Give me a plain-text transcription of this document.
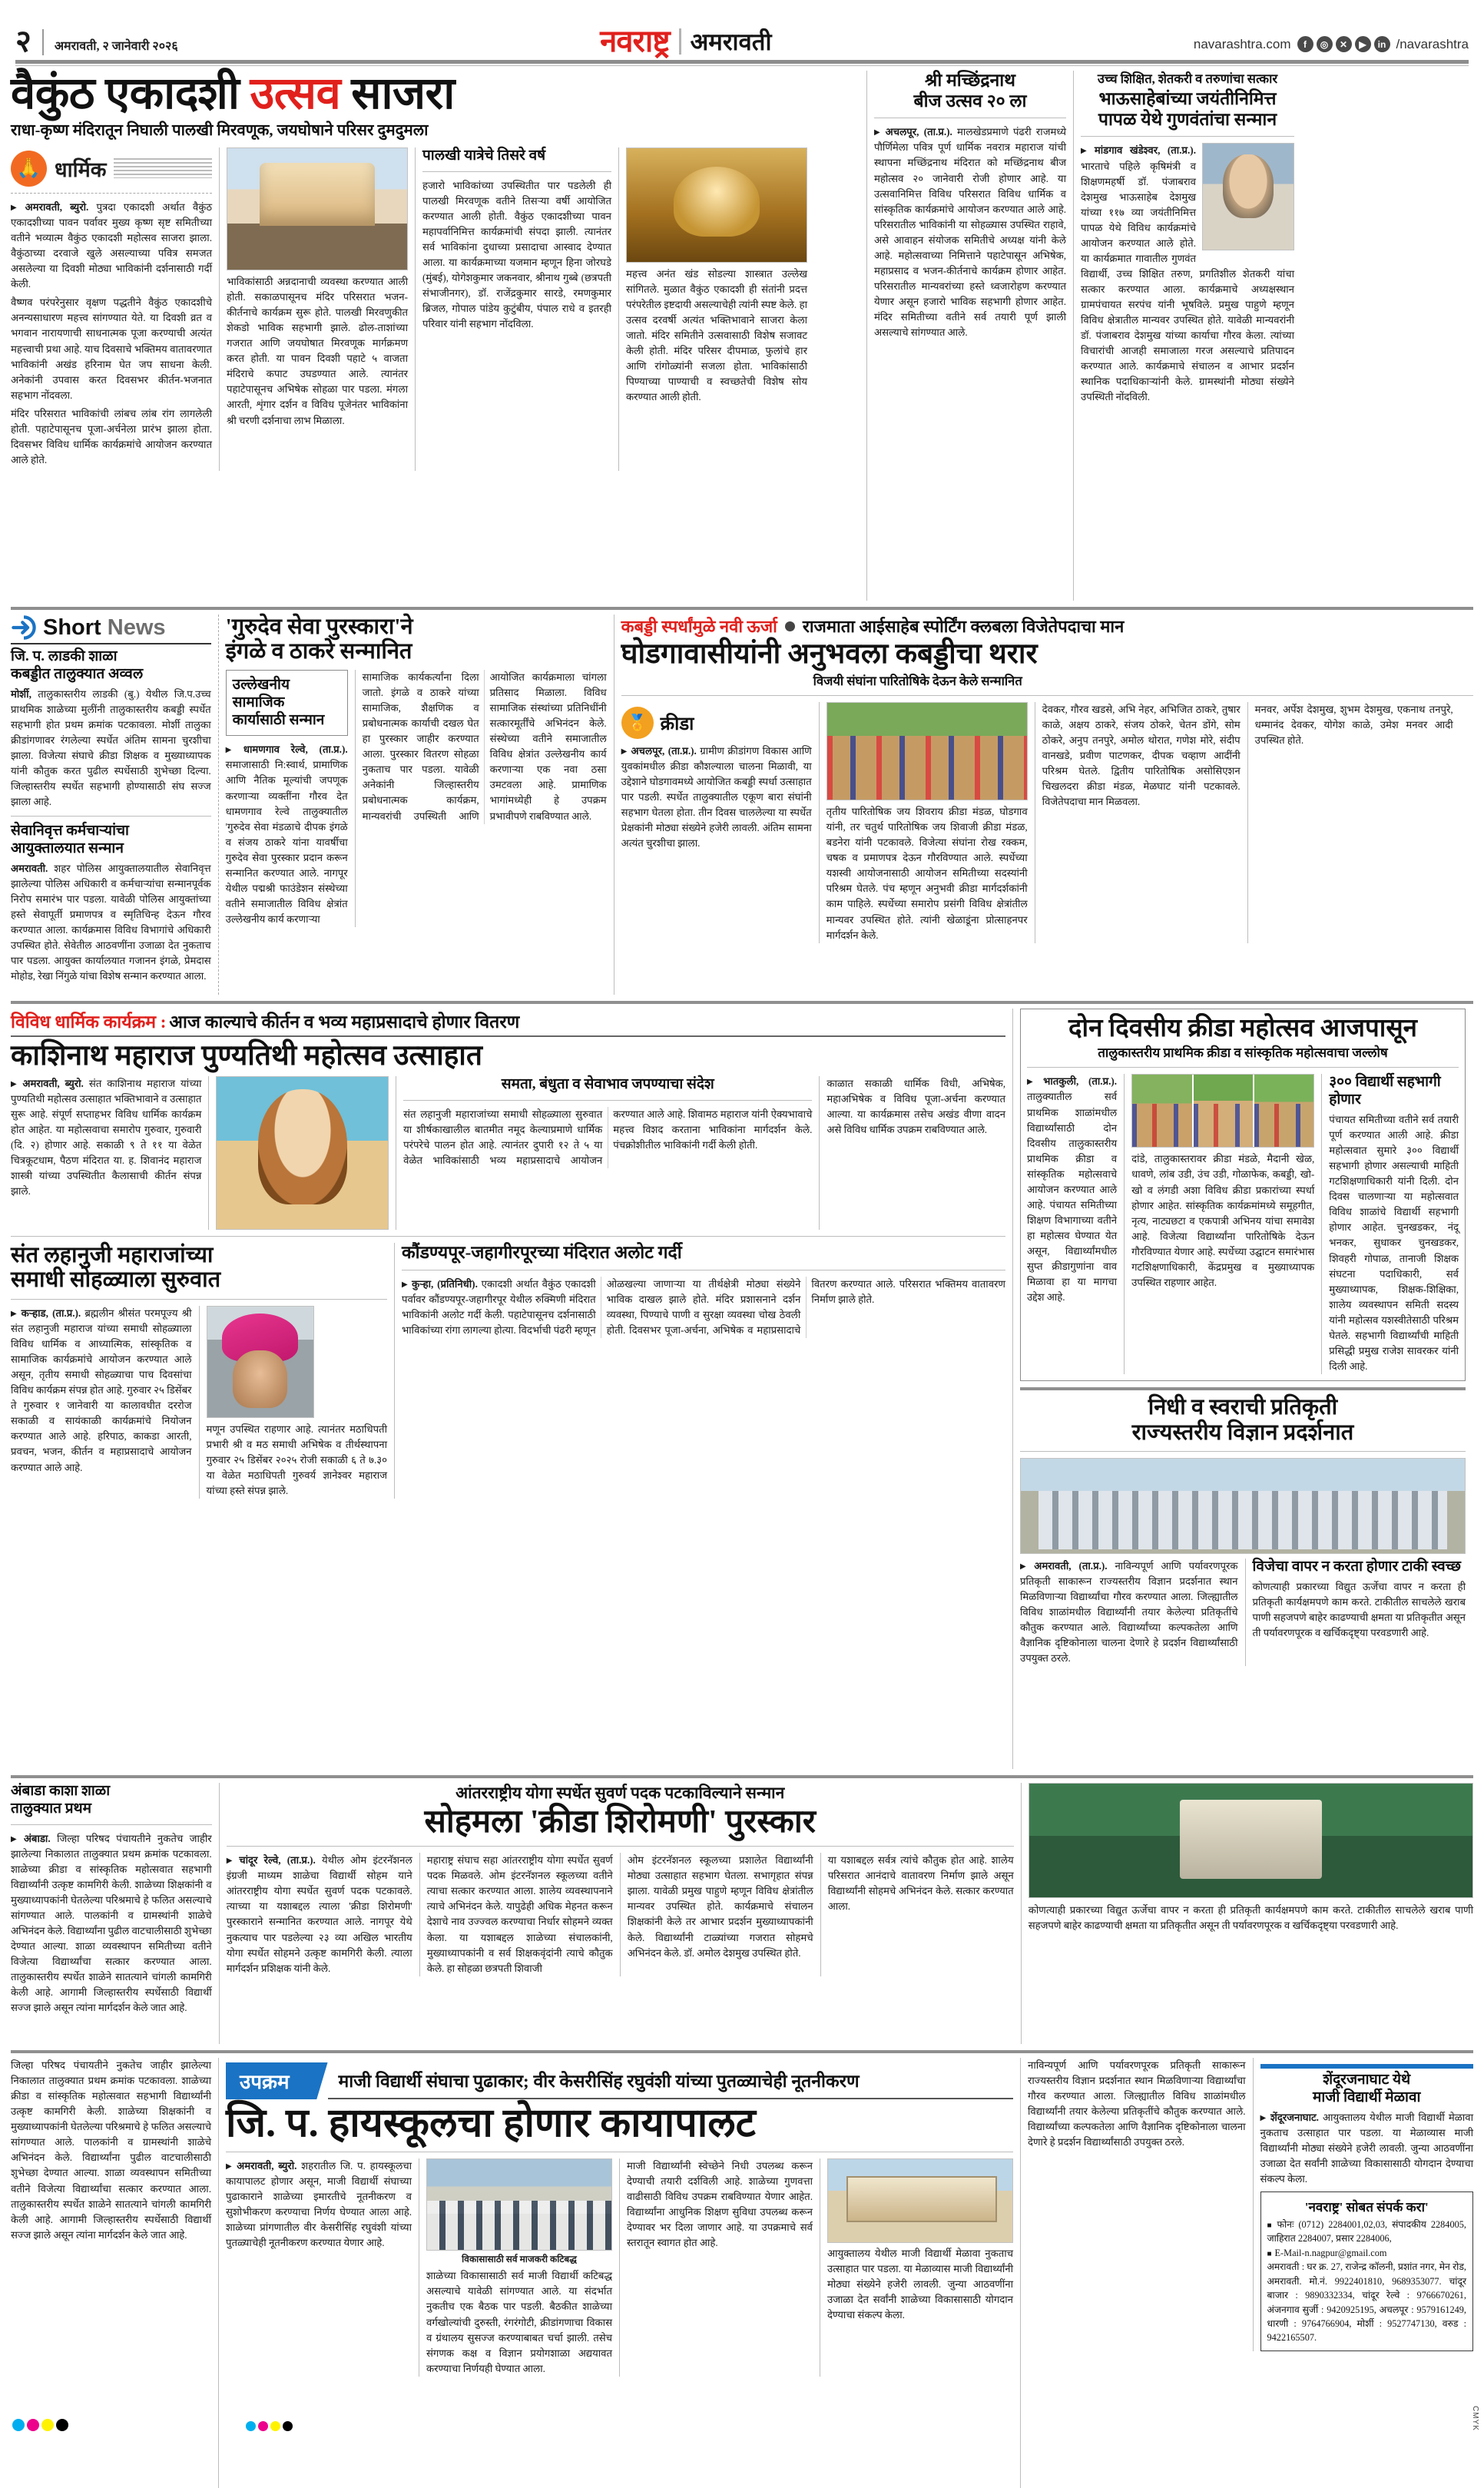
२ अमरावती, २ जानेवारी २०२६	नवराष्ट्र अमरावती	navarashtra.com	f	◎	✕	▶	in /navarashtra
वैकुंठ एकादशी उत्सव साजरा
राधा-कृष्ण मंदिरातून निघाली पालखी मिरवणूक, जयघोषाने परिसर दुमदुमला
🙏 धार्मिक

▶ अमरावती, ब्युरो. पुत्रदा एकादशी अर्थात वैकुंठ एकादशीच्या पावन पर्वावर मुख्य कृष्ण सृष्ट समितीच्या वतीने भव्यात्म वैकुंठ एकादशी महोत्सव साजरा झाला. वैकुंठाच्या दरवाजे खुले असल्याच्या पवित्र समजत असलेल्या या दिवशी मोठ्या भाविकांनी दर्शनासाठी गर्दी केली.

वैष्णव परंपरेनुसार वृक्षण पद्धतीने वैकुंठ एकादशीचे अनन्यसाधारण महत्त्व सांगण्यात येते. या दिवशी व्रत व भगवान नारायणाची साधनात्मक पूजा करण्याची अत्यंत महत्त्वाची प्रथा आहे. याच दिवसाचे भक्तिमय वातावरणात भाविकांनी अखंड हरिनाम घेत जप साधना केली. अनेकांनी उपवास करत दिवसभर कीर्तन-भजनात सहभाग नोंदवला.

मंदिर परिसरात भाविकांची लांबच लांब रांग लागलेली होती. पहाटेपासूनच पूजा-अर्चनेला प्रारंभ झाला होता. दिवसभर विविध धार्मिक कार्यक्रमांचे आयोजन करण्यात आले होते.

भाविकांसाठी अन्नदानाची व्यवस्था करण्यात आली होती. सकाळपासूनच मंदिर परिसरात भजन-कीर्तनाचे कार्यक्रम सुरू होते. पालखी मिरवणुकीत शेकडो भाविक सहभागी झाले. ढोल-ताशांच्या गजरात आणि जयघोषात मिरवणूक मार्गक्रमण करत होती. या पावन दिवशी पहाटे ५ वाजता मंदिराचे कपाट उघडण्यात आले. त्यानंतर पहाटेपासूनच अभिषेक सोहळा पार पडला. मंगला आरती, शृंगार दर्शन व विविध पूजेनंतर भाविकांना श्री चरणी दर्शनाचा लाभ मिळाला.
पालखी यात्रेचे तिसरे वर्ष
हजारो भाविकांच्या उपस्थितीत पार पडलेली ही पालखी मिरवणूक वतीने तिसऱ्या वर्षी आयोजित करण्यात आली होती. वैकुंठ एकादशीच्या पावन महापर्वानिमित्त कार्यक्रमांची संपदा झाली. त्यानंतर सर्व भाविकांना दुधाच्या प्रसादाचा आस्वाद देण्यात आला. या कार्यक्रमाच्या यजमान म्हणून हिना जोरघडे (मुंबई), योगेशकुमार जकनवार, श्रीनाथ गुब्बे (छत्रपती संभाजीनगर), डॉ. राजेंद्रकुमार सारडे, रमणकुमार ब्रिजल, गोपाल पांडेय कुटुंबीय, पंपाल राधे व इतरही परिवार यांनी सहभाग नोंदविला.
महत्त्व अनंत खंड सोडल्या शास्त्रात उल्लेख सांगितले. मुळात वैकुंठ एकादशी ही संतांनी प्रदत्त परंपरेतील इष्टदायी असल्याचेही त्यांनी स्पष्ट केले. हा उत्सव दरवर्षी अत्यंत भक्तिभावाने साजरा केला जातो. मंदिर समितीने उत्सवासाठी विशेष सजावट केली होती. मंदिर परिसर दीपमाळ, फुलांचे हार आणि रांगोळ्यांनी सजला होता. भाविकांसाठी पिण्याच्या पाण्याची व स्वच्छतेची विशेष सोय करण्यात आली होती.
श्री मच्छिंद्रनाथ
बीज उत्सव २० ला
▶ अचलपूर, (ता.प्र.). मालखेडप्रमाणे पंढरी राजमध्ये पौर्णिमेला पवित्र पूर्ण धार्मिक नवरात्र महाराज यांची स्थापना मच्छिंद्रनाथ मंदिरात को मच्छिंद्रनाथ बीज महोत्सव २० जानेवारी रोजी होणार आहे. या उत्सवानिमित्त विविध परिसरात विविध धार्मिक व सांस्कृतिक कार्यक्रमांचे आयोजन करण्यात आले आहे. परिसरातील भाविकांनी या सोहळ्यास उपस्थित राहावे, असे आवाहन संयोजक समितीचे अध्यक्ष यांनी केले आहे. महोत्सवाच्या निमित्ताने पहाटेपासून अभिषेक, महाप्रसाद व भजन-कीर्तनाचे कार्यक्रम होणार आहेत. परिसरातील मान्यवरांच्या हस्ते ध्वजारोहण करण्यात येणार असून हजारो भाविक सहभागी होणार आहेत. मंदिर समितीच्या वतीने सर्व तयारी पूर्ण झाली असल्याचे सांगण्यात आले.
उच्च शिक्षित, शेतकरी व तरुणांचा सत्कार
भाऊसाहेबांच्या जयंतीनिमित्त
पापळ येथे गुणवंतांचा सन्मान
▶ मांडगाव खंडेश्वर, (ता.प्र.). भारताचे पहिले कृषिमंत्री व शिक्षणमहर्षी डॉ. पंजाबराव देशमुख भाऊसाहेब देशमुख यांच्या ११७ व्या जयंतीनिमित्त पापळ येथे विविध कार्यक्रमांचे आयोजन करण्यात आले होते. या कार्यक्रमात गावातील गुणवंत विद्यार्थी, उच्च शिक्षित तरुण, प्रगतिशील शेतकरी यांचा सत्कार करण्यात आला. कार्यक्रमाचे अध्यक्षस्थान ग्रामपंचायत सरपंच यांनी भूषविले. प्रमुख पाहुणे म्हणून विविध क्षेत्रातील मान्यवर उपस्थित होते. यावेळी मान्यवरांनी डॉ. पंजाबराव देशमुख यांच्या कार्याचा गौरव केला. त्यांच्या विचारांची आजही समाजाला गरज असल्याचे प्रतिपादन करण्यात आले. कार्यक्रमाचे संचालन व आभार प्रदर्शन स्थानिक पदाधिकाऱ्यांनी केले. ग्रामस्थांनी मोठ्या संख्येने उपस्थिती नोंदविली.
Short News
जि. प. लाडकी शाळा
कबड्डीत तालुक्यात अव्वल
मोर्शी, तालुकास्तरीय लाडकी (बु.) येथील जि.प.उच्च प्राथमिक शाळेच्या मुलींनी तालुकास्तरीय कबड्डी स्पर्धेत सहभागी होत प्रथम क्रमांक पटकावला. मोर्शी तालुका क्रीडांगणावर रंगलेल्या स्पर्धेत अंतिम सामना चुरशीचा झाला. विजेत्या संघाचे क्रीडा शिक्षक व मुख्याध्यापक यांनी कौतुक करत पुढील स्पर्धेसाठी शुभेच्छा दिल्या. जिल्हास्तरीय स्पर्धेत सहभागी होण्यासाठी संघ सज्ज झाला आहे.
सेवानिवृत्त कर्मचाऱ्यांचा
आयुक्तालयात सन्मान
अमरावती. शहर पोलिस आयुक्तालयातील सेवानिवृत्त झालेल्या पोलिस अधिकारी व कर्मचाऱ्यांचा सन्मानपूर्वक निरोप समारंभ पार पडला. यावेळी पोलिस आयुक्तांच्या हस्ते सेवापूर्ती प्रमाणपत्र व स्मृतिचिन्ह देऊन गौरव करण्यात आला. कार्यक्रमास विविध विभागांचे अधिकारी उपस्थित होते. सेवेतील आठवणींना उजाळा देत नुकताच पार पडला. आयुक्त कार्यालयात गजानन इंगळे, प्रेमदास मोहोड, रेखा निंगुळे यांचा विशेष सन्मान करण्यात आला.
'गुरुदेव सेवा पुरस्कारा'ने
इंगळे व ठाकरे सन्मानित
उल्लेखनीय
सामाजिक
कार्यासाठी सन्मान
▶ धामणगाव रेल्वे, (ता.प्र.). समाजासाठी नि:स्वार्थ, प्रामाणिक आणि नैतिक मूल्यांची जपणूक करणाऱ्या व्यक्तींना गौरव देत धामणगाव रेल्वे तालुक्यातील 'गुरुदेव सेवा मंडळाचे दीपक इंगळे व संजय ठाकरे यांना यावर्षीचा गुरुदेव सेवा पुरस्कार प्रदान करून सन्मानित करण्यात आले. नागपूर येथील पद्मश्री फाउंडेशन संस्थेच्या वतीने समाजातील विविध क्षेत्रांत उल्लेखनीय कार्य करणाऱ्या
सामाजिक कार्यकर्त्यांना दिला जातो. इंगळे व ठाकरे यांच्या सामाजिक, शैक्षणिक व प्रबोधनात्मक कार्याची दखल घेत हा पुरस्कार जाहीर करण्यात आला. पुरस्कार वितरण सोहळा नुकताच पार पडला. यावेळी अनेकांनी जिल्हास्तरीय प्रबोधनात्मक कार्यक्रम, मान्यवरांची उपस्थिती आणि आयोजित कार्यक्रमाला चांगला प्रतिसाद मिळाला. विविध सामाजिक संस्थांच्या प्रतिनिधींनी सत्कारमूर्तींचे अभिनंदन केले. संस्थेच्या वतीने समाजातील विविध क्षेत्रांत उल्लेखनीय कार्य करणाऱ्या एक नवा ठसा उमटवला आहे. प्रामाणिक भागांमध्येही हे उपक्रम प्रभावीपणे राबविण्यात आले.
कबड्डी स्पर्धांमुळे नवी ऊर्जा राजमाता आईसाहेब स्पोर्टिंग क्लबला विजेतेपदाचा मान
घोडगावासीयांनी अनुभवला कबड्डीचा थरार
विजयी संघांना पारितोषिके देऊन केले सन्मानित
🏅 क्रीडा
▶ अचलपूर, (ता.प्र.). ग्रामीण क्रीडांगण विकास आणि युवकांमधील क्रीडा कौशल्याला चालना मिळावी, या उद्देशाने घोडगावमध्ये आयोजित कबड्डी स्पर्धा उत्साहात पार पडली. स्पर्धेत तालुक्यातील एकूण बारा संघांनी सहभाग घेतला होता. तीन दिवस चाललेल्या या स्पर्धेत प्रेक्षकांनी मोठ्या संख्येने हजेरी लावली. अंतिम सामना अत्यंत चुरशीचा झाला.
तृतीय पारितोषिक जय शिवराय क्रीडा मंडळ, घोडगाव यांनी, तर चतुर्थ पारितोषिक जय शिवाजी क्रीडा मंडळ, बडनेरा यांनी पटकावले. विजेत्या संघांना रोख रक्कम, चषक व प्रमाणपत्र देऊन गौरविण्यात आले. स्पर्धेच्या यशस्वी आयोजनासाठी आयोजन समितीच्या सदस्यांनी परिश्रम घेतले. पंच म्हणून अनुभवी क्रीडा मार्गदर्शकांनी काम पाहिले. स्पर्धेच्या समारोप प्रसंगी विविध क्षेत्रांतील मान्यवर उपस्थित होते. त्यांनी खेळाडूंना प्रोत्साहनपर मार्गदर्शन केले.
देवकर, गौरव खडसे, अभि नेहर, अभिजित ठाकरे, तुषार काळे, अक्षय ठाकरे, संजय ठोकरे, चेतन डोंगे, सोम ठोकरे, अनुप तनपुरे, अमोल थोरात, गणेश मोरे, संदीप वानखडे, प्रवीण पाटणकर, दीपक चव्हाण आदींनी परिश्रम घेतले. द्वितीय पारितोषिक असोसिएशन चिखलदरा क्रीडा मंडळ, मेळघाट यांनी पटकावले. विजेतेपदाचा मान मिळवला.
मनवर, अर्पेश देशमुख, शुभम देशमुख, एकनाथ तनपुरे, धम्मानंद देवकर, योगेश काळे, उमेश मनवर आदी उपस्थित होते.
विविध धार्मिक कार्यक्रम : आज काल्याचे कीर्तन व भव्य महाप्रसादाचे होणार वितरण
काशिनाथ महाराज पुण्यतिथी महोत्सव उत्साहात
▶ अमरावती, ब्युरो. संत काशिनाथ महाराज यांच्या पुण्यतिथी महोत्सव उत्साहात भक्तिभावाने व उत्साहात सुरू आहे. संपूर्ण सप्ताहभर विविध धार्मिक कार्यक्रम होत आहेत. या महोत्सवाचा समारोप गुरुवार, गुरुवारी (दि. २) होणार आहे. सकाळी ९ ते ११ या वेळेत चित्रकूटधाम, पैठण मंदिरात या. ह. शिवानंद महाराज शास्त्री यांच्या उपस्थितीत कैलासाची कीर्तन संपन्न झाले.
समता, बंधुता व सेवाभाव जपण्याचा संदेश
संत लहानुजी महाराजांच्या समाधी सोहळ्याला सुरुवात या शीर्षकाखालील बातमीत नमूद केल्याप्रमाणे धार्मिक परंपरेचे पालन होत आहे. त्यानंतर दुपारी १२ ते ५ या वेळेत भाविकांसाठी भव्य महाप्रसादाचे आयोजन करण्यात आले आहे. शिवामठ महाराज यांनी ऐक्यभावाचे महत्त्व विशद करताना भाविकांना मार्गदर्शन केले. पंचक्रोशीतील भाविकांनी गर्दी केली होती.
काळात सकाळी धार्मिक विधी, अभिषेक, महाअभिषेक व विविध पूजा-अर्चना करण्यात आल्या. या कार्यक्रमास तसेच अखंड वीणा वादन असे विविध धार्मिक उपक्रम राबविण्यात आले.
संत लहानुजी महाराजांच्या
समाधी सोहळ्याला सुरुवात
▶ कऱ्हाड, (ता.प्र.). ब्रह्मलीन श्रीसंत परमपूज्य श्री संत लहानुजी महाराज यांच्या समाधी सोहळ्याला विविध धार्मिक व आध्यात्मिक, सांस्कृतिक व सामाजिक कार्यक्रमांचे आयोजन करण्यात आले असून, तृतीय समाधी सोहळ्याचा पाच दिवसांचा विविध कार्यक्रम संपन्न होत आहे. गुरुवार २५ डिसेंबर ते गुरुवार १ जानेवारी या कालावधीत दररोज सकाळी व सायंकाळी कार्यक्रमांचे नियोजन करण्यात आले आहे. हरिपाठ, काकडा आरती, प्रवचन, भजन, कीर्तन व महाप्रसादाचे आयोजन करण्यात आले आहे.
मणून उपस्थित राहणार आहे. त्यानंतर मठाधिपती प्रभारी श्री व मठ समाधी अभिषेक व तीर्थस्थापना गुरुवार २५ डिसेंबर २०२५ रोजी सकाळी ६ ते ७.३० या वेळेत मठाधिपती गुरुवर्य ज्ञानेश्वर महाराज यांच्या हस्ते संपन्न झाले.
कौंडण्यपूर-जहागीरपूरच्या मंदिरात अलोट गर्दी
▶ कुऱ्हा, (प्रतिनिधी). एकादशी अर्थात वैकुंठ एकादशी पर्वावर कौंडण्यपूर-जहागीरपूर येथील रुक्मिणी मंदिरात भाविकांनी अलोट गर्दी केली. पहाटेपासूनच दर्शनासाठी भाविकांच्या रांगा लागल्या होत्या. विदर्भाची पंढरी म्हणून ओळखल्या जाणाऱ्या या तीर्थक्षेत्री मोठ्या संख्येने भाविक दाखल झाले होते. मंदिर प्रशासनाने दर्शन व्यवस्था, पिण्याचे पाणी व सुरक्षा व्यवस्था चोख ठेवली होती. दिवसभर पूजा-अर्चना, अभिषेक व महाप्रसादाचे वितरण करण्यात आले. परिसरात भक्तिमय वातावरण निर्माण झाले होते.
दोन दिवसीय क्रीडा महोत्सव आजपासून
तालुकास्तरीय प्राथमिक क्रीडा व सांस्कृतिक महोत्सवाचा जल्लोष
▶ भातकुली, (ता.प्र.). तालुक्यातील सर्व प्राथमिक शाळांमधील विद्यार्थ्यांसाठी दोन दिवसीय तालुकास्तरीय प्राथमिक क्रीडा व सांस्कृतिक महोत्सवाचे आयोजन करण्यात आले आहे. पंचायत समितीच्या शिक्षण विभागाच्या वतीने हा महोत्सव घेण्यात येत असून, विद्यार्थ्यांमधील सुप्त क्रीडागुणांना वाव मिळावा हा या मागचा उद्देश आहे.
दांडे, तालुकास्तरावर क्रीडा मंडळे, मैदानी खेळ, धावणे, लांब उडी, उंच उडी, गोळाफेक, कबड्डी, खो-खो व लंगडी अशा विविध क्रीडा प्रकारांच्या स्पर्धा होणार आहेत. सांस्कृतिक कार्यक्रमांमध्ये समूहगीत, नृत्य, नाट्यछटा व एकपात्री अभिनय यांचा समावेश आहे. विजेत्या विद्यार्थ्यांना पारितोषिके देऊन गौरविण्यात येणार आहे. स्पर्धेच्या उद्घाटन समारंभास गटशिक्षणाधिकारी, केंद्रप्रमुख व मुख्याध्यापक उपस्थित राहणार आहेत.
३०० विद्यार्थी सहभागी होणार
पंचायत समितीच्या वतीने सर्व तयारी पूर्ण करण्यात आली आहे. क्रीडा महोत्सवात सुमारे ३०० विद्यार्थी सहभागी होणार असल्याची माहिती गटशिक्षणाधिकारी यांनी दिली. दोन दिवस चालणाऱ्या या महोत्सवात विविध शाळांचे विद्यार्थी सहभागी होणार आहेत. चुनखडकर, नंदू भनकर, सुधाकर चुनखडकर, शिवहरी गोपाळ, तानाजी शिक्षक संघटना पदाधिकारी, सर्व मुख्याध्यापक, शिक्षक-शिक्षिका, शालेय व्यवस्थापन समिती सदस्य यांनी महोत्सव यशस्वीतेसाठी परिश्रम घेतले. सहभागी विद्यार्थ्यांची माहिती प्रसिद्धी प्रमुख राजेश सावरकर यांनी दिली आहे.
निधी व स्वराची प्रतिकृती
राज्यस्तरीय विज्ञान प्रदर्शनात
▶ अमरावती, (ता.प्र.). नाविन्यपूर्ण आणि पर्यावरणपूरक प्रतिकृती साकारून राज्यस्तरीय विज्ञान प्रदर्शनात स्थान मिळविणाऱ्या विद्यार्थ्यांचा गौरव करण्यात आला. जिल्ह्यातील विविध शाळांमधील विद्यार्थ्यांनी तयार केलेल्या प्रतिकृतींचे कौतुक करण्यात आले. विद्यार्थ्यांच्या कल्पकतेला आणि वैज्ञानिक दृष्टिकोनाला चालना देणारे हे प्रदर्शन विद्यार्थ्यांसाठी उपयुक्त ठरले.
विजेचा वापर न करता होणार टाकी स्वच्छ
कोणत्याही प्रकारच्या विद्युत ऊर्जेचा वापर न करता ही प्रतिकृती कार्यक्षमपणे काम करते. टाकीतील साचलेले खराब पाणी सहजपणे बाहेर काढण्याची क्षमता या प्रतिकृतीत असून ती पर्यावरणपूरक व खर्चिकदृष्ट्या परवडणारी आहे.
अंबाडा काशा शाळा
तालुक्यात प्रथम
▶ अंबाडा. जिल्हा परिषद पंचायतीने नुकतेच जाहीर झालेल्या निकालात तालुक्यात प्रथम क्रमांक पटकावला. शाळेच्या क्रीडा व सांस्कृतिक महोत्सवात सहभागी विद्यार्थ्यांनी उत्कृष्ट कामगिरी केली. शाळेच्या शिक्षकांनी व मुख्याध्यापकांनी घेतलेल्या परिश्रमाचे हे फलित असल्याचे सांगण्यात आले. पालकांनी व ग्रामस्थांनी शाळेचे अभिनंदन केले. विद्यार्थ्यांना पुढील वाटचालीसाठी शुभेच्छा देण्यात आल्या. शाळा व्यवस्थापन समितीच्या वतीने विजेत्या विद्यार्थ्यांचा सत्कार करण्यात आला. तालुकास्तरीय स्पर्धेत शाळेने सातत्याने चांगली कामगिरी केली आहे. आगामी जिल्हास्तरीय स्पर्धेसाठी विद्यार्थी सज्ज झाले असून त्यांना मार्गदर्शन केले जात आहे.
आंतरराष्ट्रीय योगा स्पर्धेत सुवर्ण पदक पटकाविल्याने सन्मान
सोहमला 'क्रीडा शिरोमणी' पुरस्कार
▶ चांदूर रेल्वे, (ता.प्र.). येथील ओम इंटरनॅशनल इंग्रजी माध्यम शाळेचा विद्यार्थी सोहम याने आंतरराष्ट्रीय योगा स्पर्धेत सुवर्ण पदक पटकावले. त्याच्या या यशाबद्दल त्याला 'क्रीडा शिरोमणी' पुरस्काराने सन्मानित करण्यात आले. नागपूर येथे नुकत्याच पार पडलेल्या २३ व्या अखिल भारतीय योगा स्पर्धेत सोहमने उत्कृष्ट कामगिरी केली. त्याला मार्गदर्शन प्रशिक्षक यांनी केले.
महाराष्ट्र संघाच सहा आंतरराष्ट्रीय योगा स्पर्धेत सुवर्ण पदक मिळवले. ओम इंटरनॅशनल स्कूलच्या वतीने त्याचा सत्कार करण्यात आला. शालेय व्यवस्थापनाने त्याचे अभिनंदन केले. यापुढेही अधिक मेहनत करून देशाचे नाव उज्ज्वल करण्याचा निर्धार सोहमने व्यक्त केला. या यशाबद्दल शाळेच्या संचालकांनी, मुख्याध्यापकांनी व सर्व शिक्षकवृंदांनी त्याचे कौतुक केले. हा सोहळा छत्रपती शिवाजी
ओम इंटरनॅशनल स्कूलच्या प्रशालेत विद्यार्थ्यांनी मोठ्या उत्साहात सहभाग घेतला. सभागृहात संपन्न झाला. यावेळी प्रमुख पाहुणे म्हणून विविध क्षेत्रांतील मान्यवर उपस्थित होते. कार्यक्रमाचे संचालन शिक्षकांनी केले तर आभार प्रदर्शन मुख्याध्यापकांनी केले. विद्यार्थ्यांनी टाळ्यांच्या गजरात सोहमचे अभिनंदन केले. डॉ. अमोल देशमुख उपस्थित होते.
या यशाबद्दल सर्वत्र त्यांचे कौतुक होत आहे. शालेय परिसरात आनंदाचे वातावरण निर्माण झाले असून विद्यार्थ्यांनी सोहमचे अभिनंदन केले. सत्कार करण्यात आला.	कोणत्याही प्रकारच्या विद्युत ऊर्जेचा वापर न करता ही प्रतिकृती कार्यक्षमपणे काम करते. टाकीतील साचलेले खराब पाणी सहजपणे बाहेर काढण्याची क्षमता या प्रतिकृतीत असून ती पर्यावरणपूरक व खर्चिकदृष्ट्या परवडणारी आहे.
जिल्हा परिषद पंचायतीने नुकतेच जाहीर झालेल्या निकालात तालुक्यात प्रथम क्रमांक पटकावला. शाळेच्या क्रीडा व सांस्कृतिक महोत्सवात सहभागी विद्यार्थ्यांनी उत्कृष्ट कामगिरी केली. शाळेच्या शिक्षकांनी व मुख्याध्यापकांनी घेतलेल्या परिश्रमाचे हे फलित असल्याचे सांगण्यात आले. पालकांनी व ग्रामस्थांनी शाळेचे अभिनंदन केले. विद्यार्थ्यांना पुढील वाटचालीसाठी शुभेच्छा देण्यात आल्या. शाळा व्यवस्थापन समितीच्या वतीने विजेत्या विद्यार्थ्यांचा सत्कार करण्यात आला. तालुकास्तरीय स्पर्धेत शाळेने सातत्याने चांगली कामगिरी केली आहे. आगामी जिल्हास्तरीय स्पर्धेसाठी विद्यार्थी सज्ज झाले असून त्यांना मार्गदर्शन केले जात आहे.
उपक्रम	माजी विद्यार्थी संघाचा पुढाकार; वीर केसरीसिंह रघुवंशी यांच्या पुतळ्याचेही नूतनीकरण
जि. प. हायस्कूलचा होणार कायापालट
▶ अमरावती, ब्युरो. शहरातील जि. प. हायस्कूलचा कायापालट होणार असून, माजी विद्यार्थी संघाच्या पुढाकाराने शाळेच्या इमारतीचे नूतनीकरण व सुशोभीकरण करण्याचा निर्णय घेण्यात आला आहे. शाळेच्या प्रांगणातील वीर केसरीसिंह रघुवंशी यांच्या पुतळ्याचेही नूतनीकरण करण्यात येणार आहे.
विकासासाठी सर्व माजकरी कटिबद्ध
शाळेच्या विकासासाठी सर्व माजी विद्यार्थी कटिबद्ध असल्याचे यावेळी सांगण्यात आले. या संदर्भात नुकतीच एक बैठक पार पडली. बैठकीत शाळेच्या वर्गखोल्यांची दुरुस्ती, रंगरंगोटी, क्रीडांगणाचा विकास व ग्रंथालय सुसज्ज करण्याबाबत चर्चा झाली. तसेच संगणक कक्ष व विज्ञान प्रयोगशाळा अद्ययावत करण्याचा निर्णयही घेण्यात आला.
माजी विद्यार्थ्यांनी स्वेच्छेने निधी उपलब्ध करून देण्याची तयारी दर्शविली आहे. शाळेच्या गुणवत्ता वाढीसाठी विविध उपक्रम राबविण्यात येणार आहेत. विद्यार्थ्यांना आधुनिक शिक्षण सुविधा उपलब्ध करून देण्यावर भर दिला जाणार आहे. या उपक्रमाचे सर्व स्तरातून स्वागत होत आहे.
आयुक्तालय येथील माजी विद्यार्थी मेळावा नुकताच उत्साहात पार पडला. या मेळाव्यास माजी विद्यार्थ्यांनी मोठ्या संख्येने हजेरी लावली. जुन्या आठवणींना उजाळा देत सर्वांनी शाळेच्या विकासासाठी योगदान देण्याचा संकल्प केला.
नाविन्यपूर्ण आणि पर्यावरणपूरक प्रतिकृती साकारून राज्यस्तरीय विज्ञान प्रदर्शनात स्थान मिळविणाऱ्या विद्यार्थ्यांचा गौरव करण्यात आला. जिल्ह्यातील विविध शाळांमधील विद्यार्थ्यांनी तयार केलेल्या प्रतिकृतींचे कौतुक करण्यात आले. विद्यार्थ्यांच्या कल्पकतेला आणि वैज्ञानिक दृष्टिकोनाला चालना देणारे हे प्रदर्शन विद्यार्थ्यांसाठी उपयुक्त ठरले.
शेंदूरजनाघाट येथे
माजी विद्यार्थी मेळावा
▶ शेंदूरजनाघाट. आयुक्तालय येथील माजी विद्यार्थी मेळावा नुकताच उत्साहात पार पडला. या मेळाव्यास माजी विद्यार्थ्यांनी मोठ्या संख्येने हजेरी लावली. जुन्या आठवणींना उजाळा देत सर्वांनी शाळेच्या विकासासाठी योगदान देण्याचा संकल्प केला.
'नवराष्ट्र' सोबत संपर्क करा'
■ फोनः (0712) 2284001,02,03, संपादकीय 2284005, जाहिरात 2284007, प्रसार 2284006,
■ E-Mail-n.nagpur@gmail.com
अमरावती : घर क्र. 27, राजेन्द्र कॉलनी, प्रशांत नगर, मेन रोड, अमरावती. मो.नं. 9922401810, 9689353077. चांदूर बाजार : 9890332334, चांदूर रेल्वे : 9766670261, अंजनगाव सुर्जी : 9420925195, अचलपूर : 9579161249, धारणी : 9764766904, मोर्शी : 9527747130, वरुड : 9422165507.
CMYK
